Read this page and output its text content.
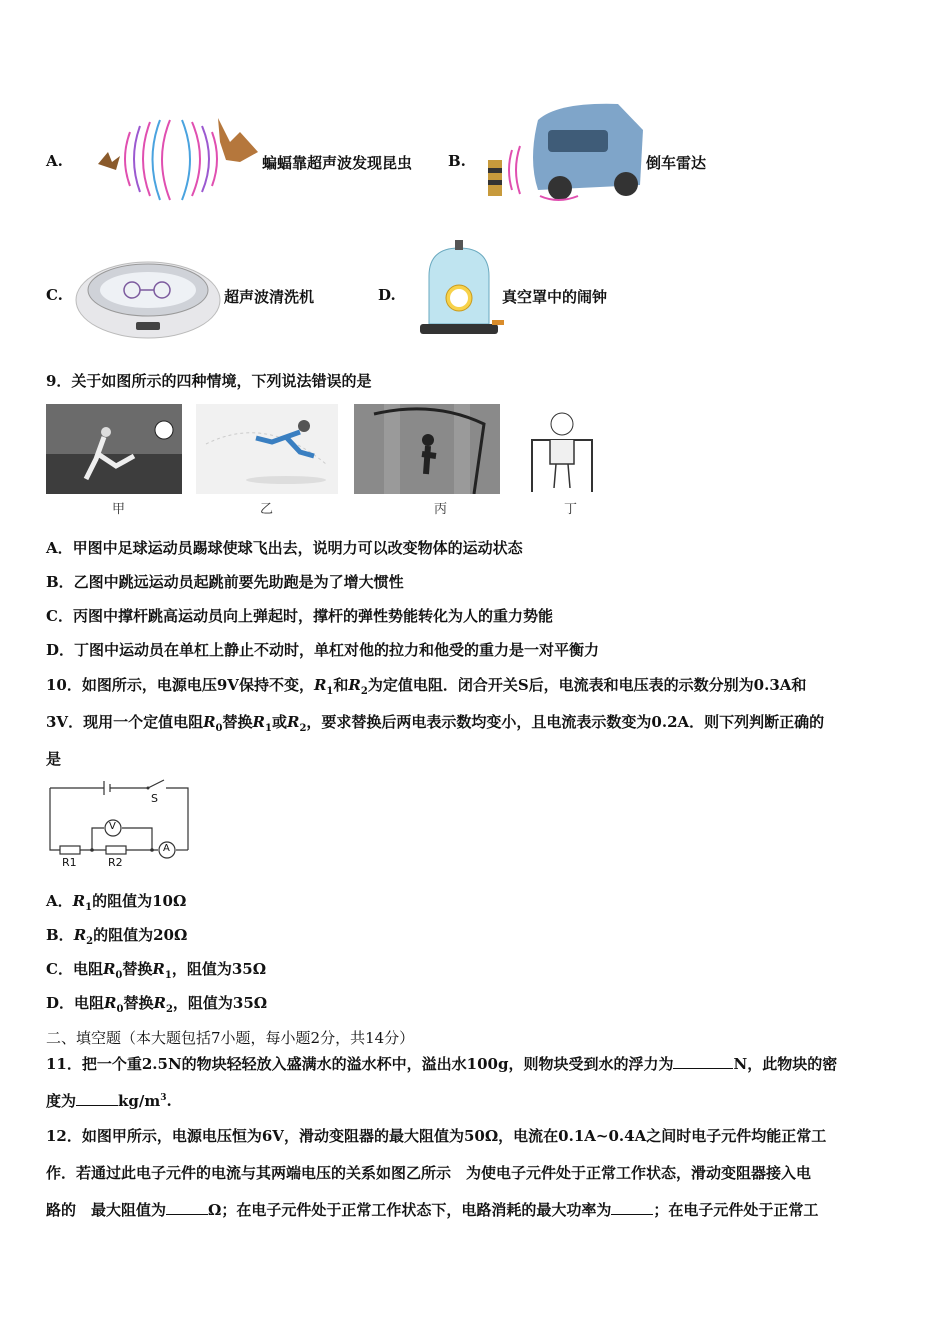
A.	蝙蝠靠超声波发现昆虫 B.	倒车雷达
C.	超声波清洗机	D.	真空罩中的闹钟
9．关于如图所示的四种情境，下列说法错误的是
甲	乙	丙	丁
A．甲图中足球运动员踢球使球飞出去，说明力可以改变物体的运动状态
B．乙图中跳远运动员起跳前要先助跑是为了增大惯性
C．丙图中撑杆跳高运动员向上弹起时，撑杆的弹性势能转化为人的重力势能
D．丁图中运动员在单杠上静止不动时，单杠对他的拉力和他受的重力是一对平衡力
10．如图所示，电源电压9V保持不变，$R_1$和$R_2$为定值电阻．闭合开关S后，电流表和电压表的示数分别为0.3A和
3V．现用一个定值电阻$R_0$替换$R_1$或$R_2$，要求替换后两电表示数均变小，且电流表示数变为0.2A．则下列判断正确的
是
S
V
A
R1	R2
A．$R_1$的阻值为10Ω
B．$R_2$的阻值为20Ω
C．电阻$R_0$替换$R_1$，阻值为35Ω
D．电阻$R_0$替换$R_2$，阻值为35Ω
二、填空题（本大题包括7小题，每小题2分，共14分）
11．把一个重2.5N的物块轻轻放入盛满水的溢水杯中，溢出水100g，则物块受到水的浮力为	N，此物块的密
度为	$kg/m^3$.
12．如图甲所示，电源电压恒为6V，滑动变阻器的最大阻值为50Ω，电流在0.1A~0.4A之间时电子元件均能正常工
作．若通过此电子元件的电流与其两端电压的关系如图乙所示　为使电子元件处于正常工作状态，滑动变阻器接入电
路的　最大阻值为	Ω；在电子元件处于正常工作状态下，电路消耗的最大功率为	；在电子元件处于正常工
